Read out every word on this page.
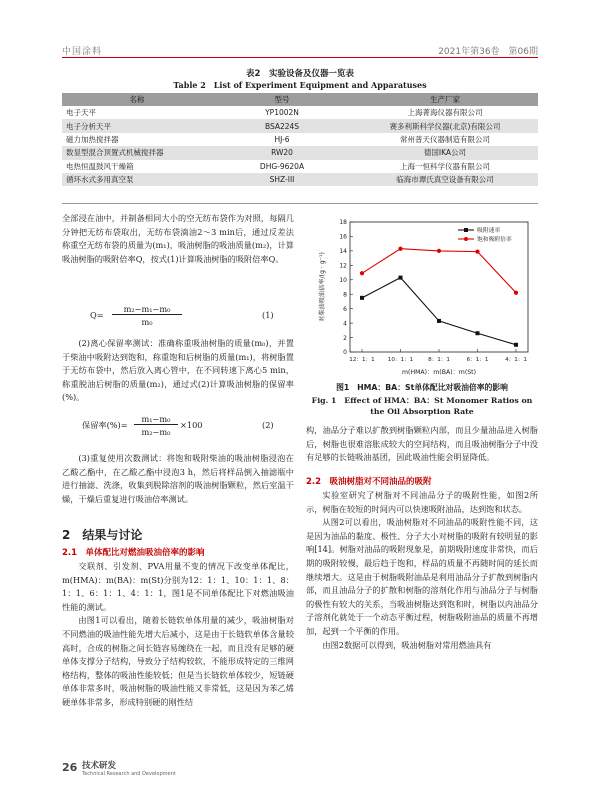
中国涂料	2021年第36卷　第06期
表2　实验设备及仪器一览表
Table 2　List of Experiment Equipment and Apparatuses
名称	型号	生产厂家
电子天平	YP1002N	上海菁海仪器有限公司
电子分析天平	BSA224S	赛多利斯科学仪器(北京)有限公司
磁力加热搅拌器	HJ-6	常州普天仪器制造有限公司
数显型混合顶置式机械搅拌器	RW20	德国IKA公司
电热恒温鼓风干燥箱	DHG-9620A	上海一恒科学仪器有限公司
循环水式多用真空泵	SHZ-III	临海市谭氏真空设备有限公司

全部浸在油中，并制备相同大小的空无纺布袋作为对照，每隔几分钟把无纺布袋取出，无纺布袋滴油2～3 min后，通过反差法称重空无纺布袋的质量为(m₁)，吸油树脂的吸油质量(m₂)，计算吸油树脂的吸附倍率Q，按式(1)计算吸油树脂的吸附倍率Q。

Q=
m₂−m₁−m₀
m₀
(1)

(2)离心保留率测试：准确称重吸油树脂的质量(m₀)，并置于柴油中吸附达到饱和，称重饱和后树脂的质量(m₁)，将树脂置于无纺布袋中，然后放入离心管中，在不同转速下离心5 min，称重脱油后树脂的质量(m₂)，通过式(2)计算吸油树脂的保留率(%)。

保留率(%)=
m₁−m₀
m₂−m₀
×100	(2)

(3)重复使用次数测试：将饱和吸附柴油的吸油树脂浸泡在乙酸乙酯中，在乙酸乙酯中浸泡3 h，然后将样品倒入抽滤瓶中进行抽滤、洗涤，收集到脱除溶剂的吸油树脂颗粒，然后室温干燥，干燥后重复进行吸油倍率测试。

2　结果与讨论
2.1　单体配比对燃油吸油倍率的影响

交联剂、引发剂、PVA用量不变的情况下改变单体配比，m(HMA)：m(BA)：m(St)分别为12：1：1、10：1：1、8：1：1、6：1：1、4：1：1，图1是不同单体配比下对燃油吸油性能的测试。

由图1可以看出，随着长链软单体用量的减少，吸油树脂对不同燃油的吸油性能先增大后减小，这是由于长链软单体含量较高时，合成的树脂之间长链容易缠绕在一起，而且没有足够的硬单体支撑分子结构，导致分子结构较软，不能形成特定的三维网格结构，整体的吸油性能较低；但是当长链软单体较少，短链硬单体非常多时，吸油树脂的吸油性能又非常低，这是因为苯乙烯硬单体非常多，形成特别硬的刚性结

0
2
4
6
8
10
12
14
16
18
12：1：1 10：1：1	8：1：1	6：1：1	4：1：1
m(HMA)：m(BA)：m(St)
对柴油吸油倍率/(g · g⁻¹)
吸附速率
饱和吸附倍率
图1　HMA：BA：St单体配比对吸油倍率的影响
Fig. 1　Effect of HMA：BA：St Monomer Ratios on the Oil Absorption Rate

构，油品分子难以扩散到树脂颗粒内部，而且少量油品进入树脂后，树脂也很难溶胀成较大的空间结构，而且吸油树脂分子中没有足够的长链吸油基团，因此吸油性能会明显降低。

2.2　吸油树脂对不同油品的吸附

实验室研究了树脂对不同油品分子的吸附性能，如图2所示，树脂在较短的时间内可以快速吸附油品，达到饱和状态。

从图2可以看出，吸油树脂对不同油品的吸附性能不同，这是因为油品的黏度、极性、分子大小对树脂的吸附有较明显的影响[14]。树脂对油品的吸附现象是，前期吸附速度非常快，而后期的吸附较慢，最后趋于饱和，样品的质量不再随时间的延长而继续增大。这是由于树脂吸附油品是利用油品分子扩散到树脂内部，而且油品分子的扩散和树脂的溶剂化作用与油品分子与树脂的极性有较大的关系，当吸油树脂达到饱和时，树脂以内油品分子溶剂化就处于一个动态平衡过程，树脂吸附油品的质量不再增加，起到一个平衡的作用。

由图2数据可以得到，吸油树脂对常用燃油具有

26 技术研发
Technical Research and Development
